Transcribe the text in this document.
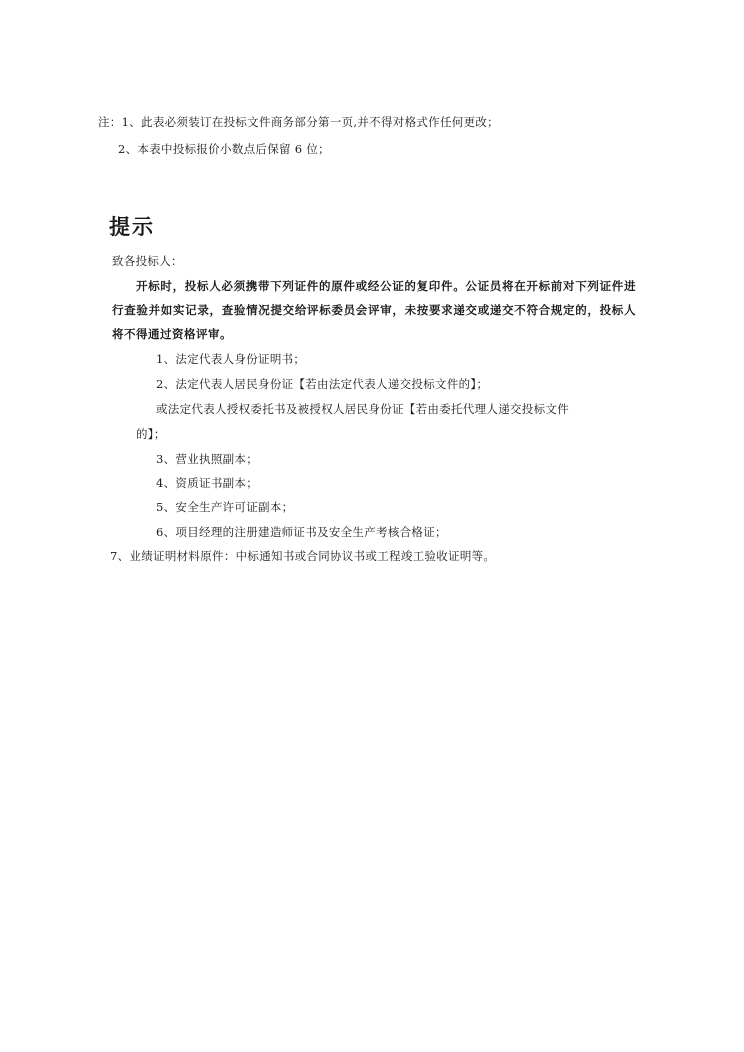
注：1、此表必须装订在投标文件商务部分第一页,并不得对格式作任何更改；
2、本表中投标报价小数点后保留 6 位；
提示
致各投标人：
开标时，投标人必须携带下列证件的原件或经公证的复印件。公证员将在开标前对下列证件进行查验并如实记录，查验情况提交给评标委员会评审，未按要求递交或递交不符合规定的，投标人将不得通过资格评审。
1、法定代表人身份证明书；
2、法定代表人居民身份证【若由法定代表人递交投标文件的】；
或法定代表人授权委托书及被授权人居民身份证【若由委托代理人递交投标文件
的】；
3、营业执照副本；
4、资质证书副本；
5、安全生产许可证副本；
6、项目经理的注册建造师证书及安全生产考核合格证；
7、业绩证明材料原件：中标通知书或合同协议书或工程竣工验收证明等。
